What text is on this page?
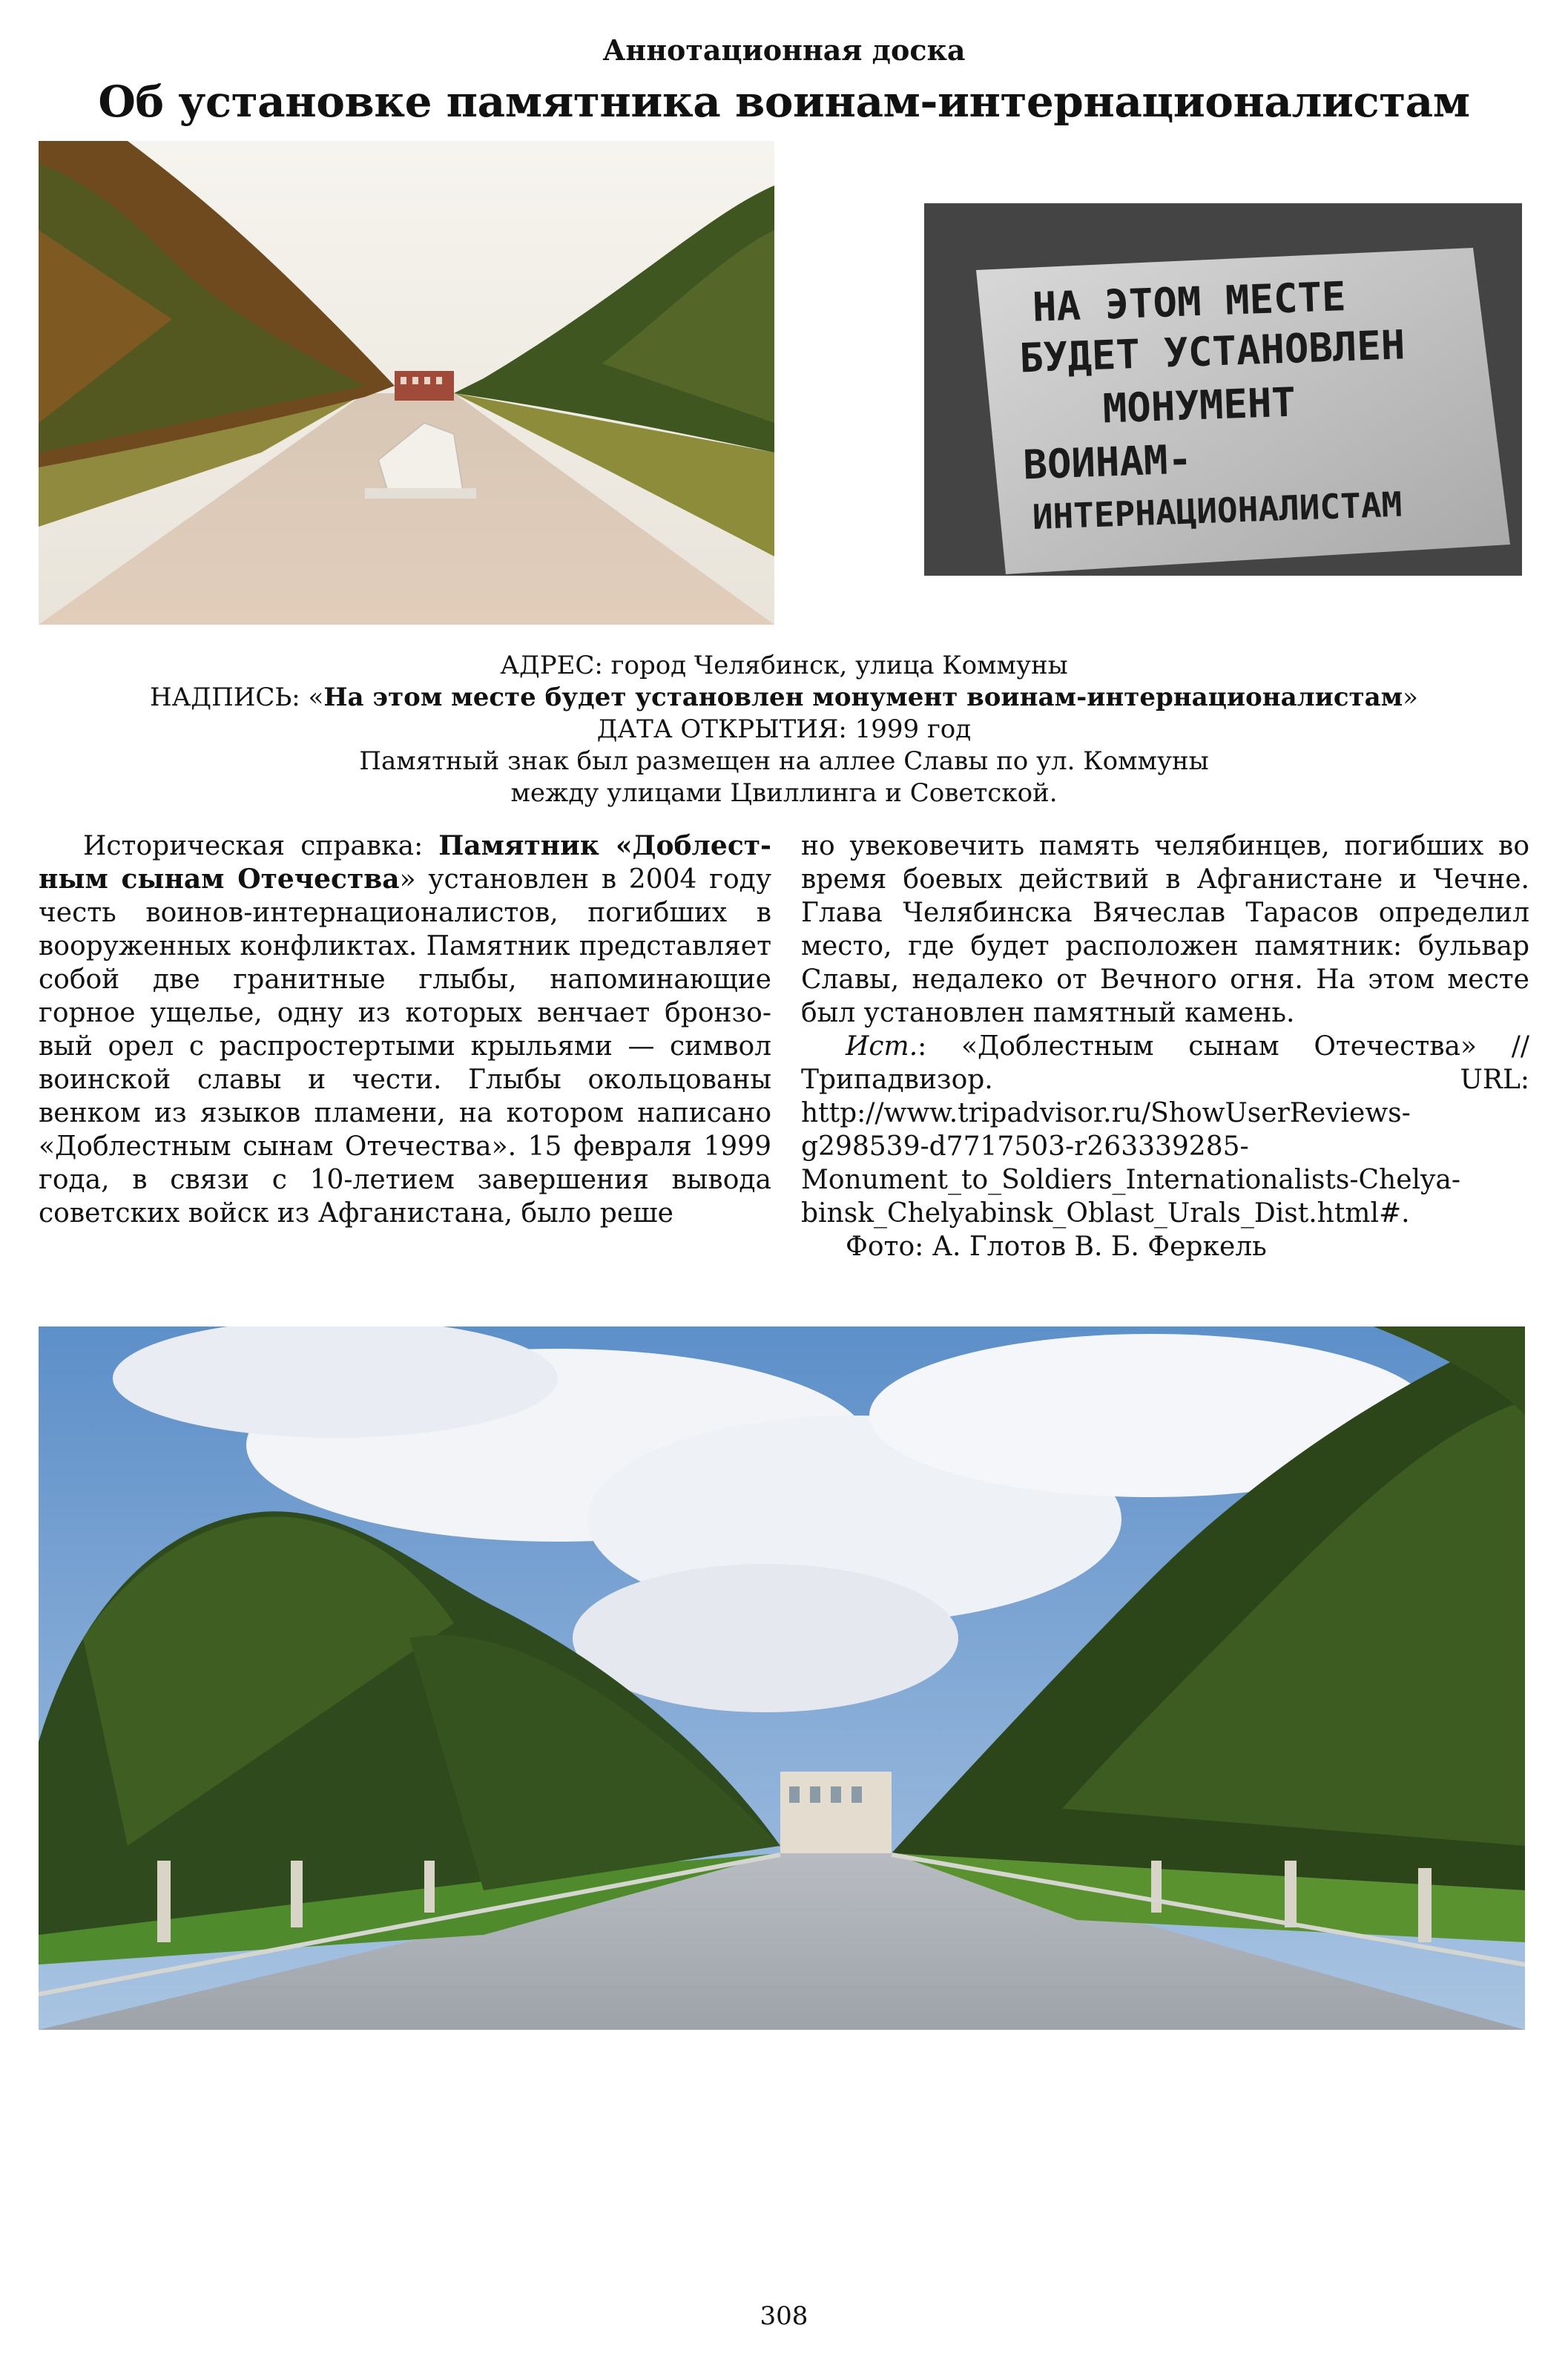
Аннотационная доска
Об установке памятника воинам-интернационалистам
НА ЭТОМ МЕСТЕ
БУДЕТ УСТАНОВЛЕН
МОНУМЕНТ
ВОИНАМ-
ИНТЕРНАЦИОНАЛИСТАМ
АДРЕС: город Челябинск, улица Коммуны
НАДПИСЬ: «На этом месте будет установлен монумент воинам-интернационалистам»
ДАТА ОТКРЫТИЯ: 1999 год
Памятный знак был размещен на аллее Славы по ул. Коммуны
между улицами Цвиллинга и Советской.

Историческая справка: Памятник «Доблестным сынам Отечества» установлен в 2004 году честь воинов-интернационалистов, погибших в вооруженных конфликтах. Памятник представляет собой две гранитные глыбы, напоминающие горное ущелье, одну из которых венчает бронзовый орел с распростертыми крыльями — символ воинской славы и чести. Глыбы окольцованы венком из языков пламени, на котором написано «Доблестным сынам Отечества». 15 февраля 1999 года, в связи с 10-летием завершения вывода советских войск из Афганистана, было реше

но увековечить память челябинцев, погибших во время боевых действий в Афганистане и Чечне. Глава Челябинска Вячеслав Тарасов определил место, где будет расположен памятник: бульвар Славы, недалеко от Вечного огня. На этом месте был установлен памятный камень.

Ист.: «Доблестным сынам Отечества» // Трипадвизор. URL: http://www.tripadvisor.ru/ShowUserReviews-g298539-d7717503-r263339285-Monument_to_Soldiers_Internationalists-Chelyabinsk_Chelyabinsk_Oblast_Urals_Dist.html#.

Фото: А. Глотов В. Б. Феркель

308
